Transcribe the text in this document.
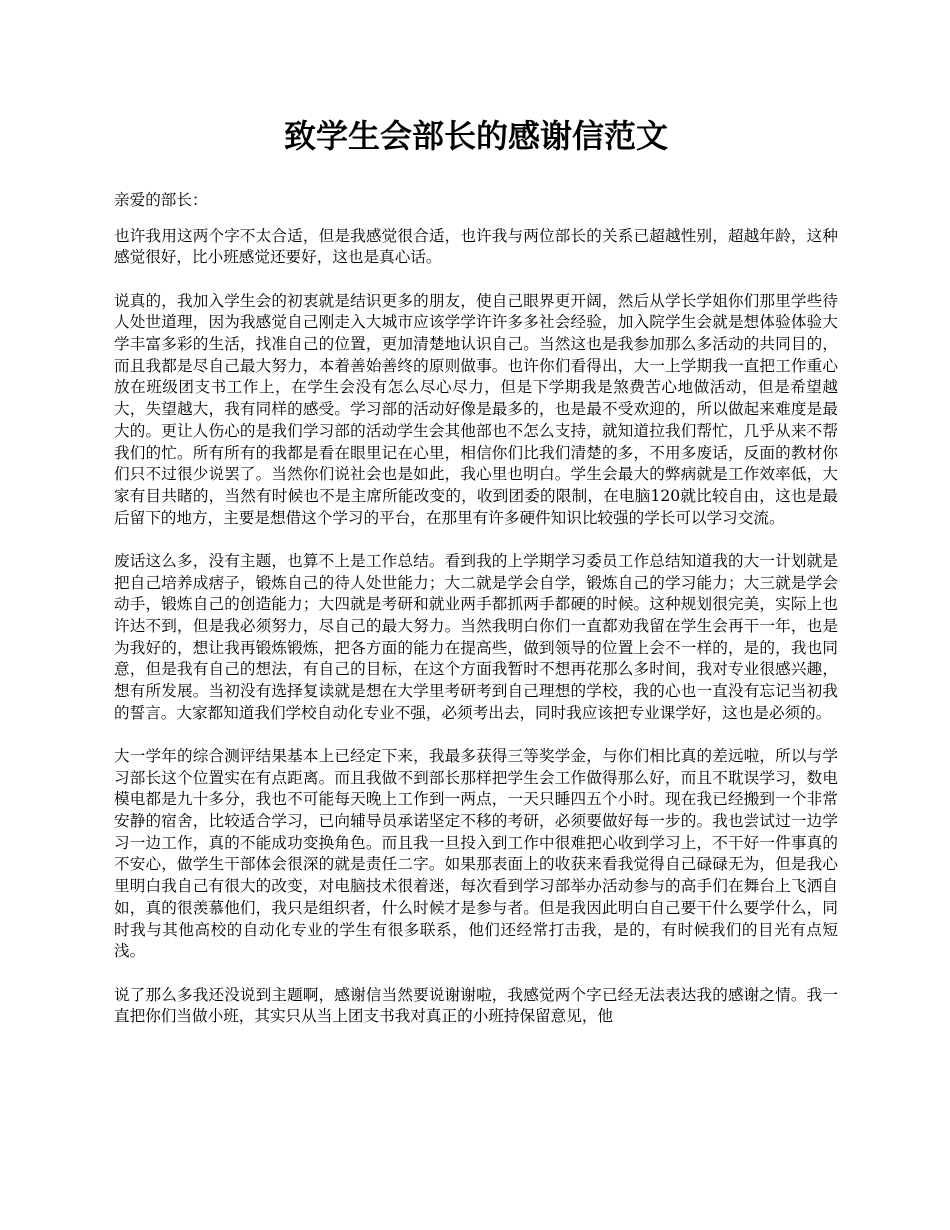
致学生会部长的感谢信范文

亲爱的部长：

也许我用这两个字不太合适，但是我感觉很合适，也许我与两位部长的关系已超越性别，超越年龄，这种感觉很好，比小班感觉还要好，这也是真心话。

说真的，我加入学生会的初衷就是结识更多的朋友，使自己眼界更开阔，然后从学长学姐你们那里学些待人处世道理，因为我感觉自己刚走入大城市应该学学许许多多社会经验，加入院学生会就是想体验体验大学丰富多彩的生活，找准自己的位置，更加清楚地认识自己。当然这也是我参加那么多活动的共同目的，而且我都是尽自己最大努力，本着善始善终的原则做事。也许你们看得出，大一上学期我一直把工作重心放在班级团支书工作上，在学生会没有怎么尽心尽力，但是下学期我是煞费苦心地做活动，但是希望越大，失望越大，我有同样的感受。学习部的活动好像是最多的，也是最不受欢迎的，所以做起来难度是最大的。更让人伤心的是我们学习部的活动学生会其他部也不怎么支持，就知道拉我们帮忙，几乎从来不帮我们的忙。所有所有的我都是看在眼里记在心里，相信你们比我们清楚的多，不用多废话，反面的教材你们只不过很少说罢了。当然你们说社会也是如此，我心里也明白。学生会最大的弊病就是工作效率低，大家有目共睹的，当然有时候也不是主席所能改变的，收到团委的限制，在电脑120就比较自由，这也是最后留下的地方，主要是想借这个学习的平台，在那里有许多硬件知识比较强的学长可以学习交流。

废话这么多，没有主题，也算不上是工作总结。看到我的上学期学习委员工作总结知道我的大一计划就是把自己培养成痞子，锻炼自己的待人处世能力；大二就是学会自学，锻炼自己的学习能力；大三就是学会动手，锻炼自己的创造能力；大四就是考研和就业两手都抓两手都硬的时候。这种规划很完美，实际上也许达不到，但是我必须努力，尽自己的最大努力。当然我明白你们一直都劝我留在学生会再干一年，也是为我好的，想让我再锻炼锻炼，把各方面的能力在提高些，做到领导的位置上会不一样的，是的，我也同意，但是我有自己的想法，有自己的目标，在这个方面我暂时不想再花那么多时间，我对专业很感兴趣，想有所发展。当初没有选择复读就是想在大学里考研考到自己理想的学校，我的心也一直没有忘记当初我的誓言。大家都知道我们学校自动化专业不强，必须考出去，同时我应该把专业课学好，这也是必须的。

大一学年的综合测评结果基本上已经定下来，我最多获得三等奖学金，与你们相比真的差远啦，所以与学习部长这个位置实在有点距离。而且我做不到部长那样把学生会工作做得那么好，而且不耽误学习，数电模电都是九十多分，我也不可能每天晚上工作到一两点，一天只睡四五个小时。现在我已经搬到一个非常安静的宿舍，比较适合学习，已向辅导员承诺坚定不移的考研，必须要做好每一步的。我也尝试过一边学习一边工作，真的不能成功变换角色。而且我一旦投入到工作中很难把心收到学习上，不干好一件事真的不安心，做学生干部体会很深的就是责任二字。如果那表面上的收获来看我觉得自己碌碌无为，但是我心里明白我自己有很大的改变，对电脑技术很着迷，每次看到学习部举办活动参与的高手们在舞台上飞洒自如，真的很羡慕他们，我只是组织者，什么时候才是参与者。但是我因此明白自己要干什么要学什么，同时我与其他高校的自动化专业的学生有很多联系，他们还经常打击我，是的，有时候我们的目光有点短浅。

说了那么多我还没说到主题啊，感谢信当然要说谢谢啦，我感觉两个字已经无法表达我的感谢之情。我一直把你们当做小班，其实只从当上团支书我对真正的小班持保留意见，他
